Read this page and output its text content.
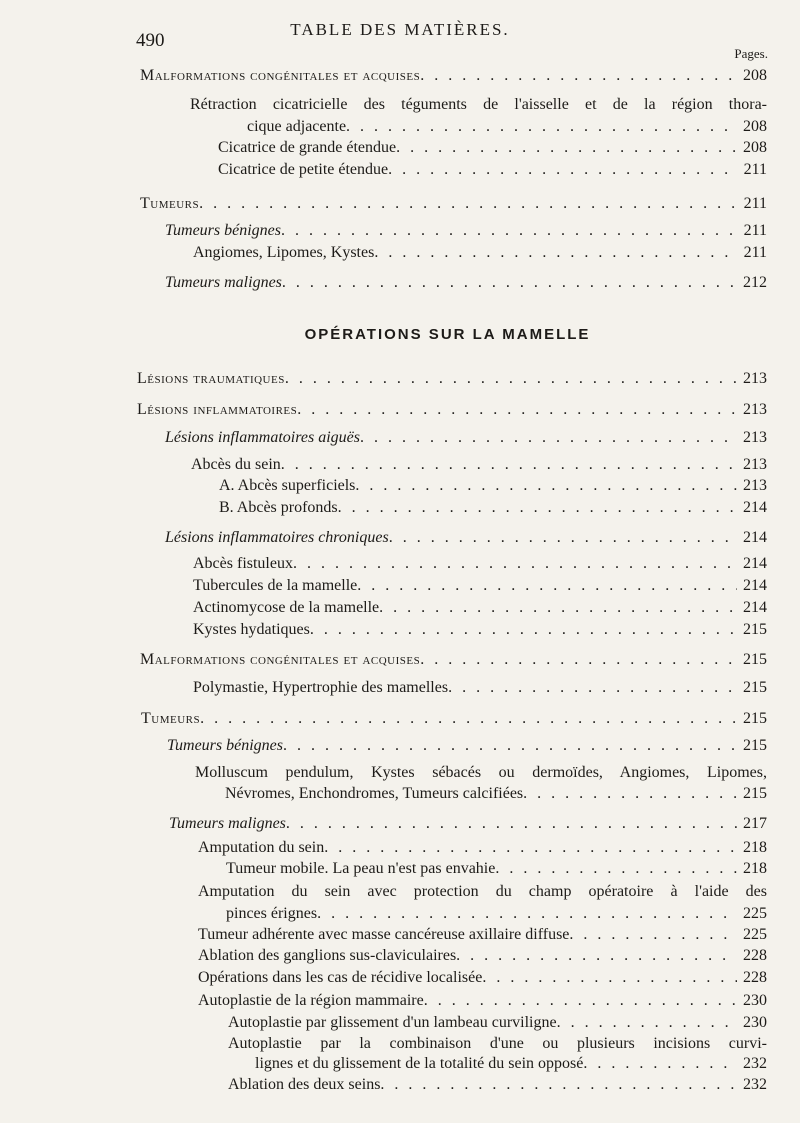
490
TABLE DES MATIÈRES.
Pages.
Malformations congénitales et acquises . . .	208
Rétraction cicatricielle des téguments de l'aisselle et de la région thora-
cique adjacente . . .	208
Cicatrice de grande étendue . . .	208
Cicatrice de petite étendue . . .	211
Tumeurs . . .	211
Tumeurs bénignes . . .	211
Angiomes, Lipomes, Kystes . . .	211
Tumeurs malignes . . .	212
OPÉRATIONS SUR LA MAMELLE
Lésions traumatiques . . .	213
Lésions inflammatoires . . .	213
Lésions inflammatoires aiguës . . .	213
Abcès du sein . . .	213
A. Abcès superficiels . . .	213
B. Abcès profonds . . .	214
Lésions inflammatoires chroniques . . .	214
Abcès fistuleux . . .	214
Tubercules de la mamelle . . .	214
Actinomycose de la mamelle . . .	214
Kystes hydatiques . . .	215
Malformations congénitales et acquises . . .	215
Polymastie, Hypertrophie des mamelles . . .	215
Tumeurs . . .	215
Tumeurs bénignes . . .	215
Molluscum pendulum, Kystes sébacés ou dermoïdes, Angiomes, Lipomes,
Névromes, Enchondromes, Tumeurs calcifiées . . .	215
Tumeurs malignes . . .	217
Amputation du sein . . .	218
Tumeur mobile. La peau n'est pas envahie . . .	218
Amputation du sein avec protection du champ opératoire à l'aide des
pinces érignes . . .	225
Tumeur adhérente avec masse cancéreuse axillaire diffuse . . .	225
Ablation des ganglions sus-claviculaires . . .	228
Opérations dans les cas de récidive localisée . . .	228
Autoplastie de la région mammaire . . .	230
Autoplastie par glissement d'un lambeau curviligne . . .	230
Autoplastie par la combinaison d'une ou plusieurs incisions curvi-
lignes et du glissement de la totalité du sein opposé . . .	232
Ablation des deux seins . . .	232
